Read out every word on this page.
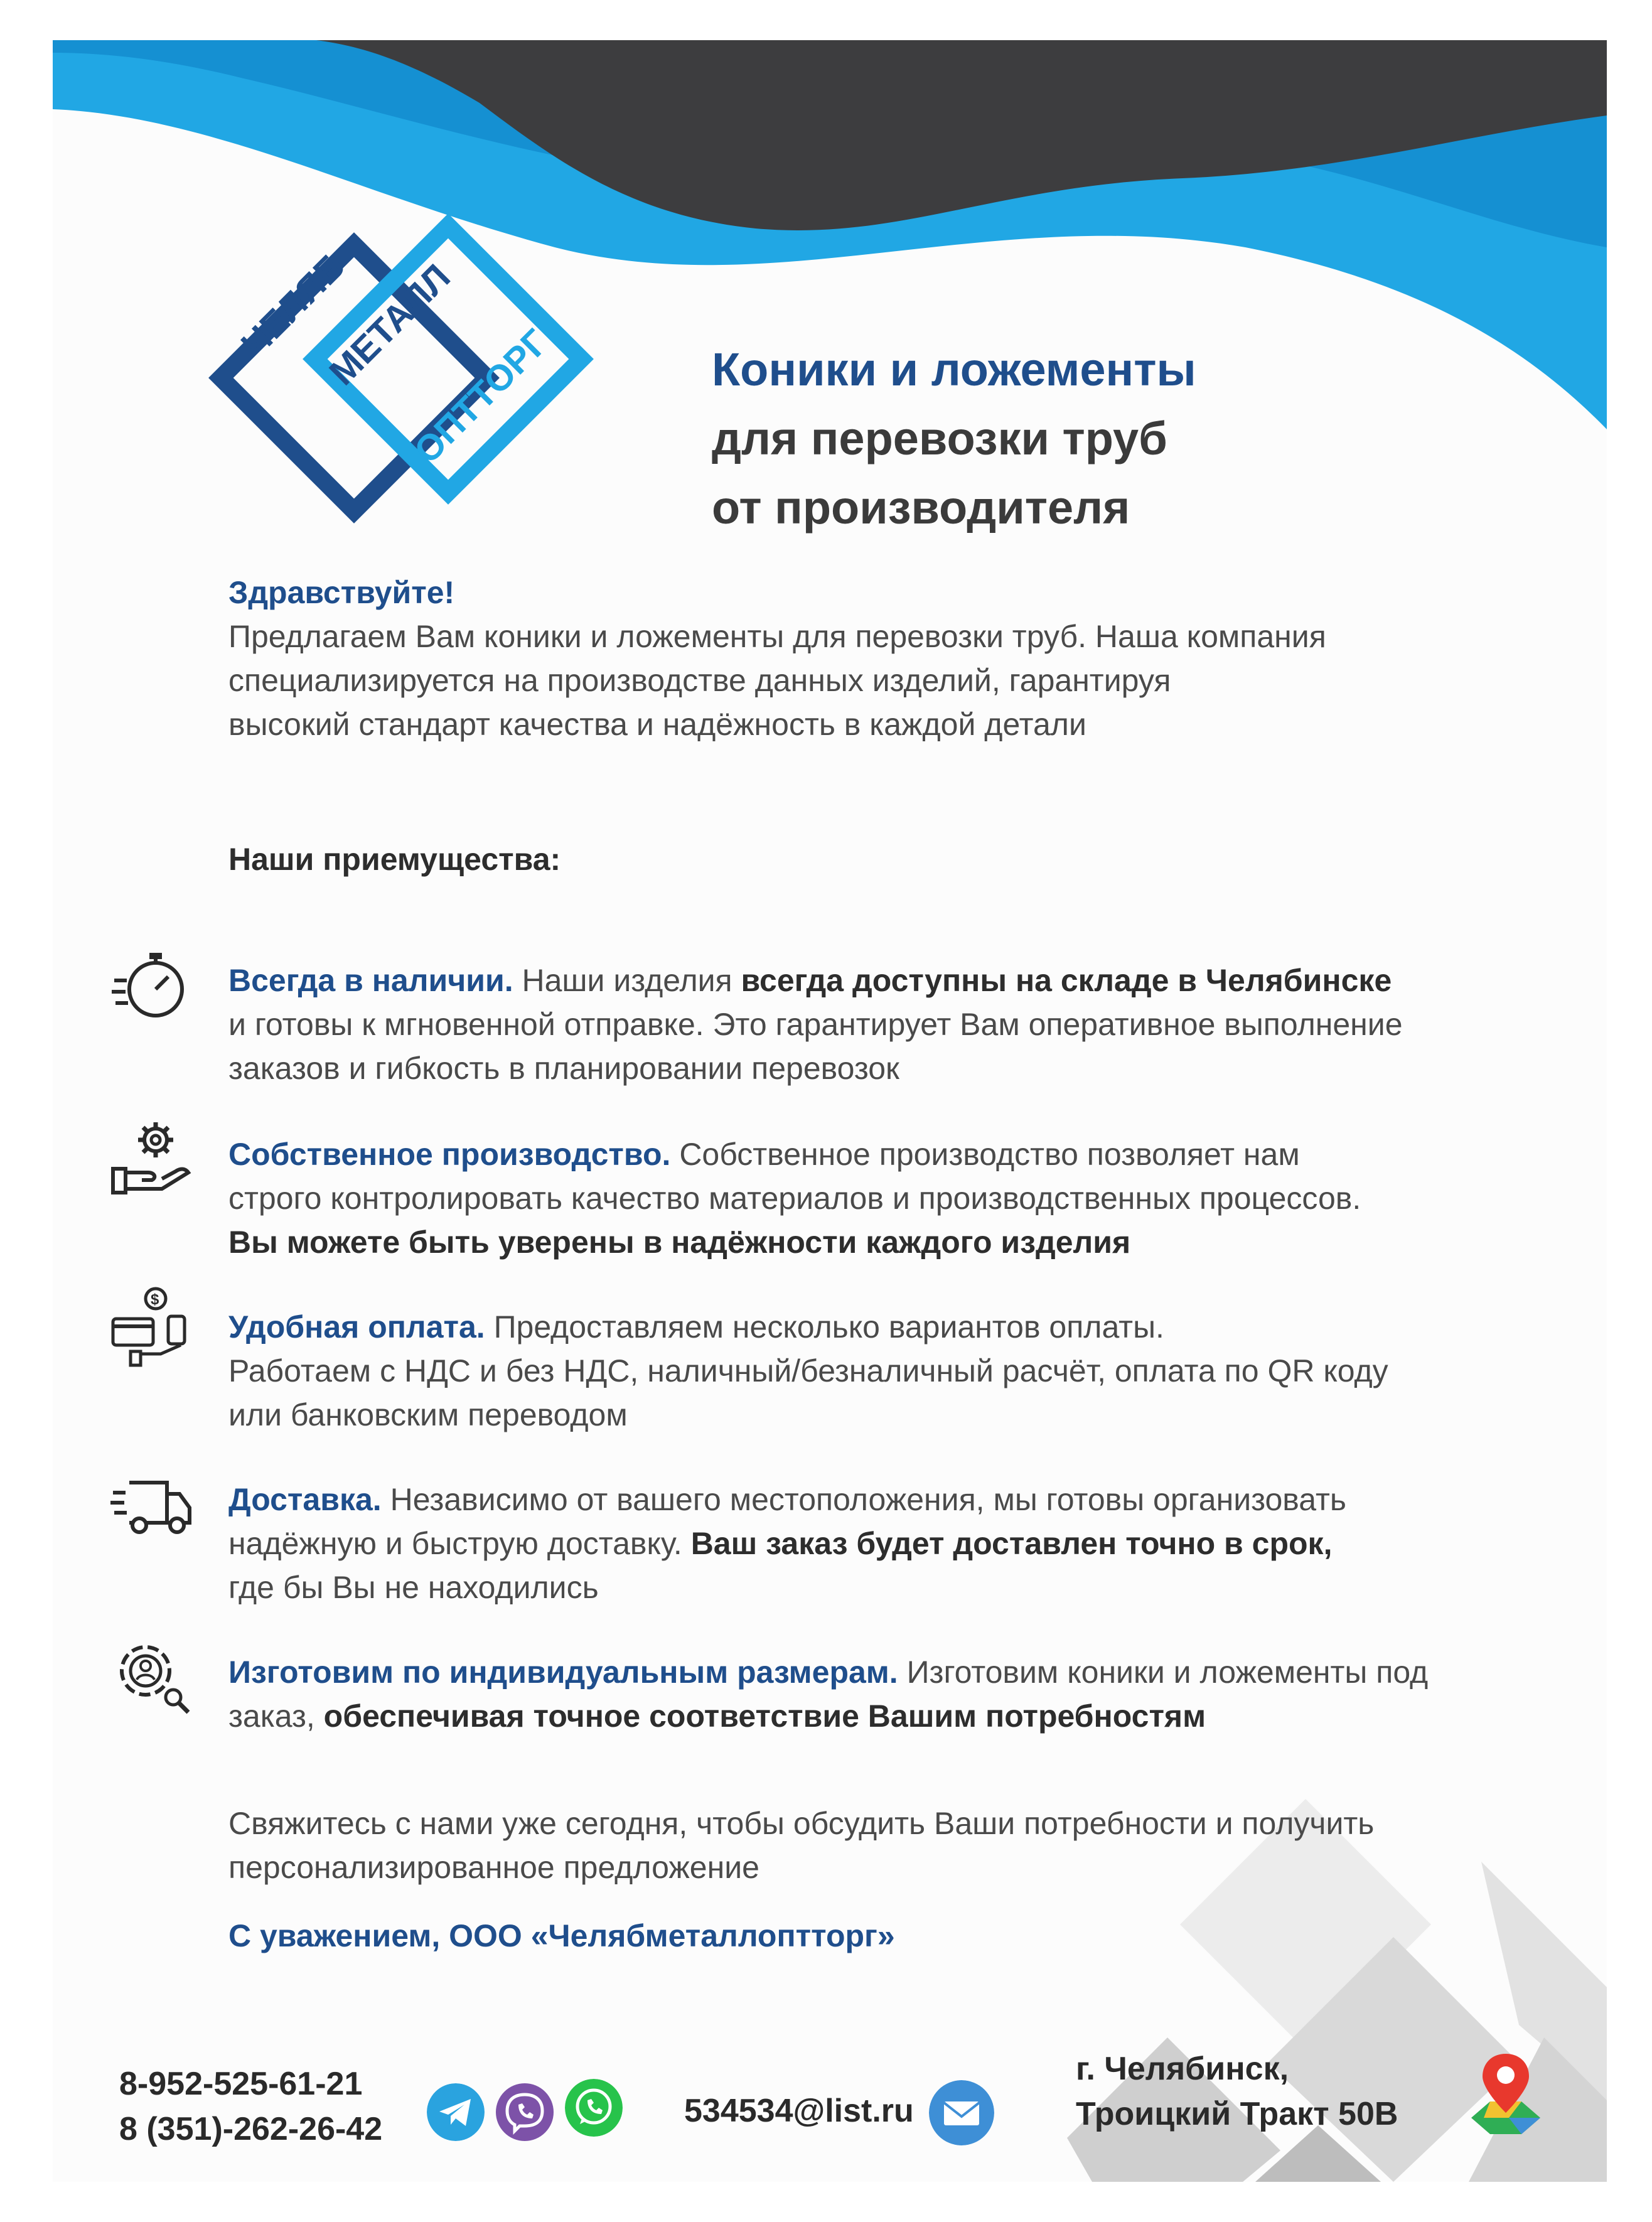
ЧЕЛЯБ
МЕТАЛЛ
ОПТТОРГ	Коники и ложементы
для перевозки труб
от производителя
Здравствуйте!
Предлагаем Вам коники и ложементы для перевозки труб. Наша компания
специализируется на производстве данных изделий, гарантируя
высокий стандарт качества и надёжность в каждой детали
Наши приемущества:
Всегда в наличии. Наши изделия всегда доступны на складе в Челябинске
и готовы к мгновенной отправке. Это гарантирует Вам оперативное выполнение
заказов и гибкость в планировании перевозок
Собственное производство. Собственное производство позволяет нам
строго контролировать качество материалов и производственных процессов.
Вы можете быть уверены в надёжности каждого изделия
$
Удобная оплата. Предоставляем несколько вариантов оплаты.
Работаем с НДС и без НДС, наличный/безналичный расчёт, оплата по QR коду
или банковским переводом
Доставка. Независимо от вашего местоположения, мы готовы организовать
надёжную и быструю доставку. Ваш заказ будет доставлен точно в срок,
где бы Вы не находились
Изготовим по индивидуальным размерам. Изготовим коники и ложементы под
заказ, обеспечивая точное соответствие Вашим потребностям
Свяжитесь с нами уже сегодня, чтобы обсудить Ваши потребности и получить
персонализированное предложение
С уважением, ООО «Челябметаллоптторг»
8-952-525-61-21
8 (351)-262-26-42	534534@list.ru
г. Челябинск,
Троицкий Тракт 50В
